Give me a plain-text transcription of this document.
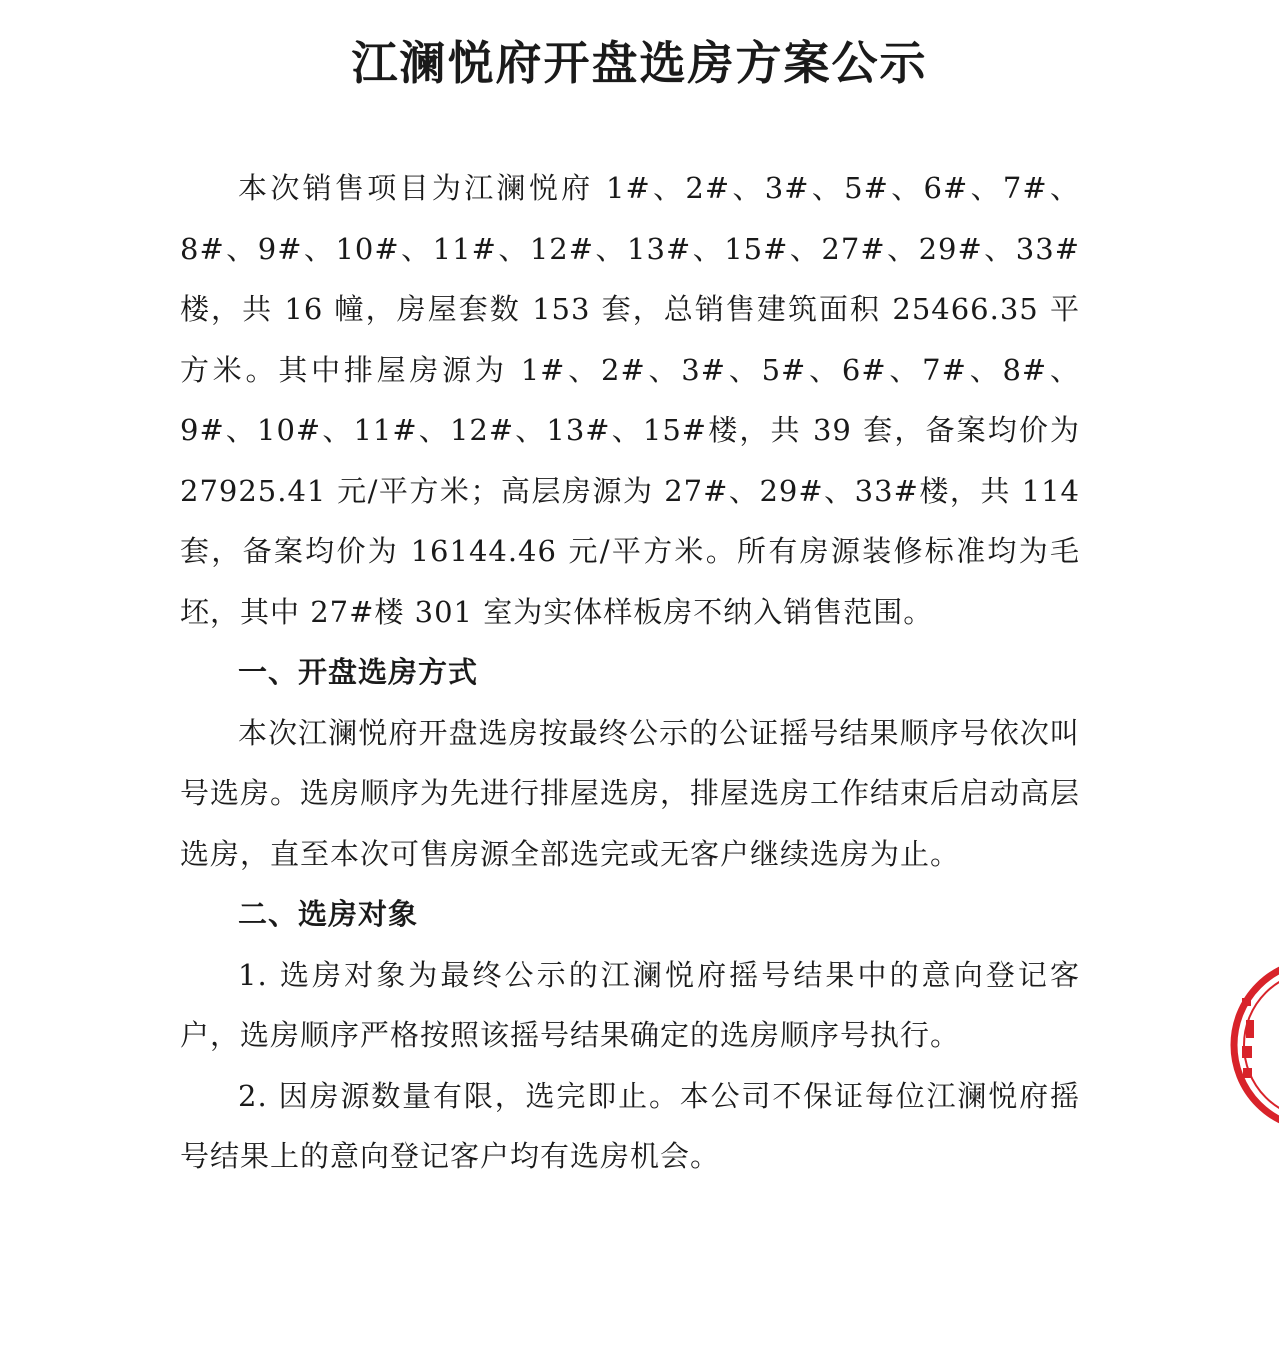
江澜悦府开盘选房方案公示

本次销售项目为江澜悦府 1#、2#、3#、5#、6#、7#、8#、9#、10#、11#、12#、13#、15#、27#、29#、33#楼，共 16 幢，房屋套数 153 套，总销售建筑面积 25466.35 平方米。其中排屋房源为 1#、2#、3#、5#、6#、7#、8#、9#、10#、11#、12#、13#、15#楼，共 39 套，备案均价为 27925.41 元/平方米；高层房源为 27#、29#、33#楼，共 114 套，备案均价为 16144.46 元/平方米。所有房源装修标准均为毛坯，其中 27#楼 301 室为实体样板房不纳入销售范围。

一、开盘选房方式

本次江澜悦府开盘选房按最终公示的公证摇号结果顺序号依次叫号选房。选房顺序为先进行排屋选房，排屋选房工作结束后启动高层选房，直至本次可售房源全部选完或无客户继续选房为止。

二、选房对象

1. 选房对象为最终公示的江澜悦府摇号结果中的意向登记客户，选房顺序严格按照该摇号结果确定的选房顺序号执行。

2. 因房源数量有限，选完即止。本公司不保证每位江澜悦府摇号结果上的意向登记客户均有选房机会。
